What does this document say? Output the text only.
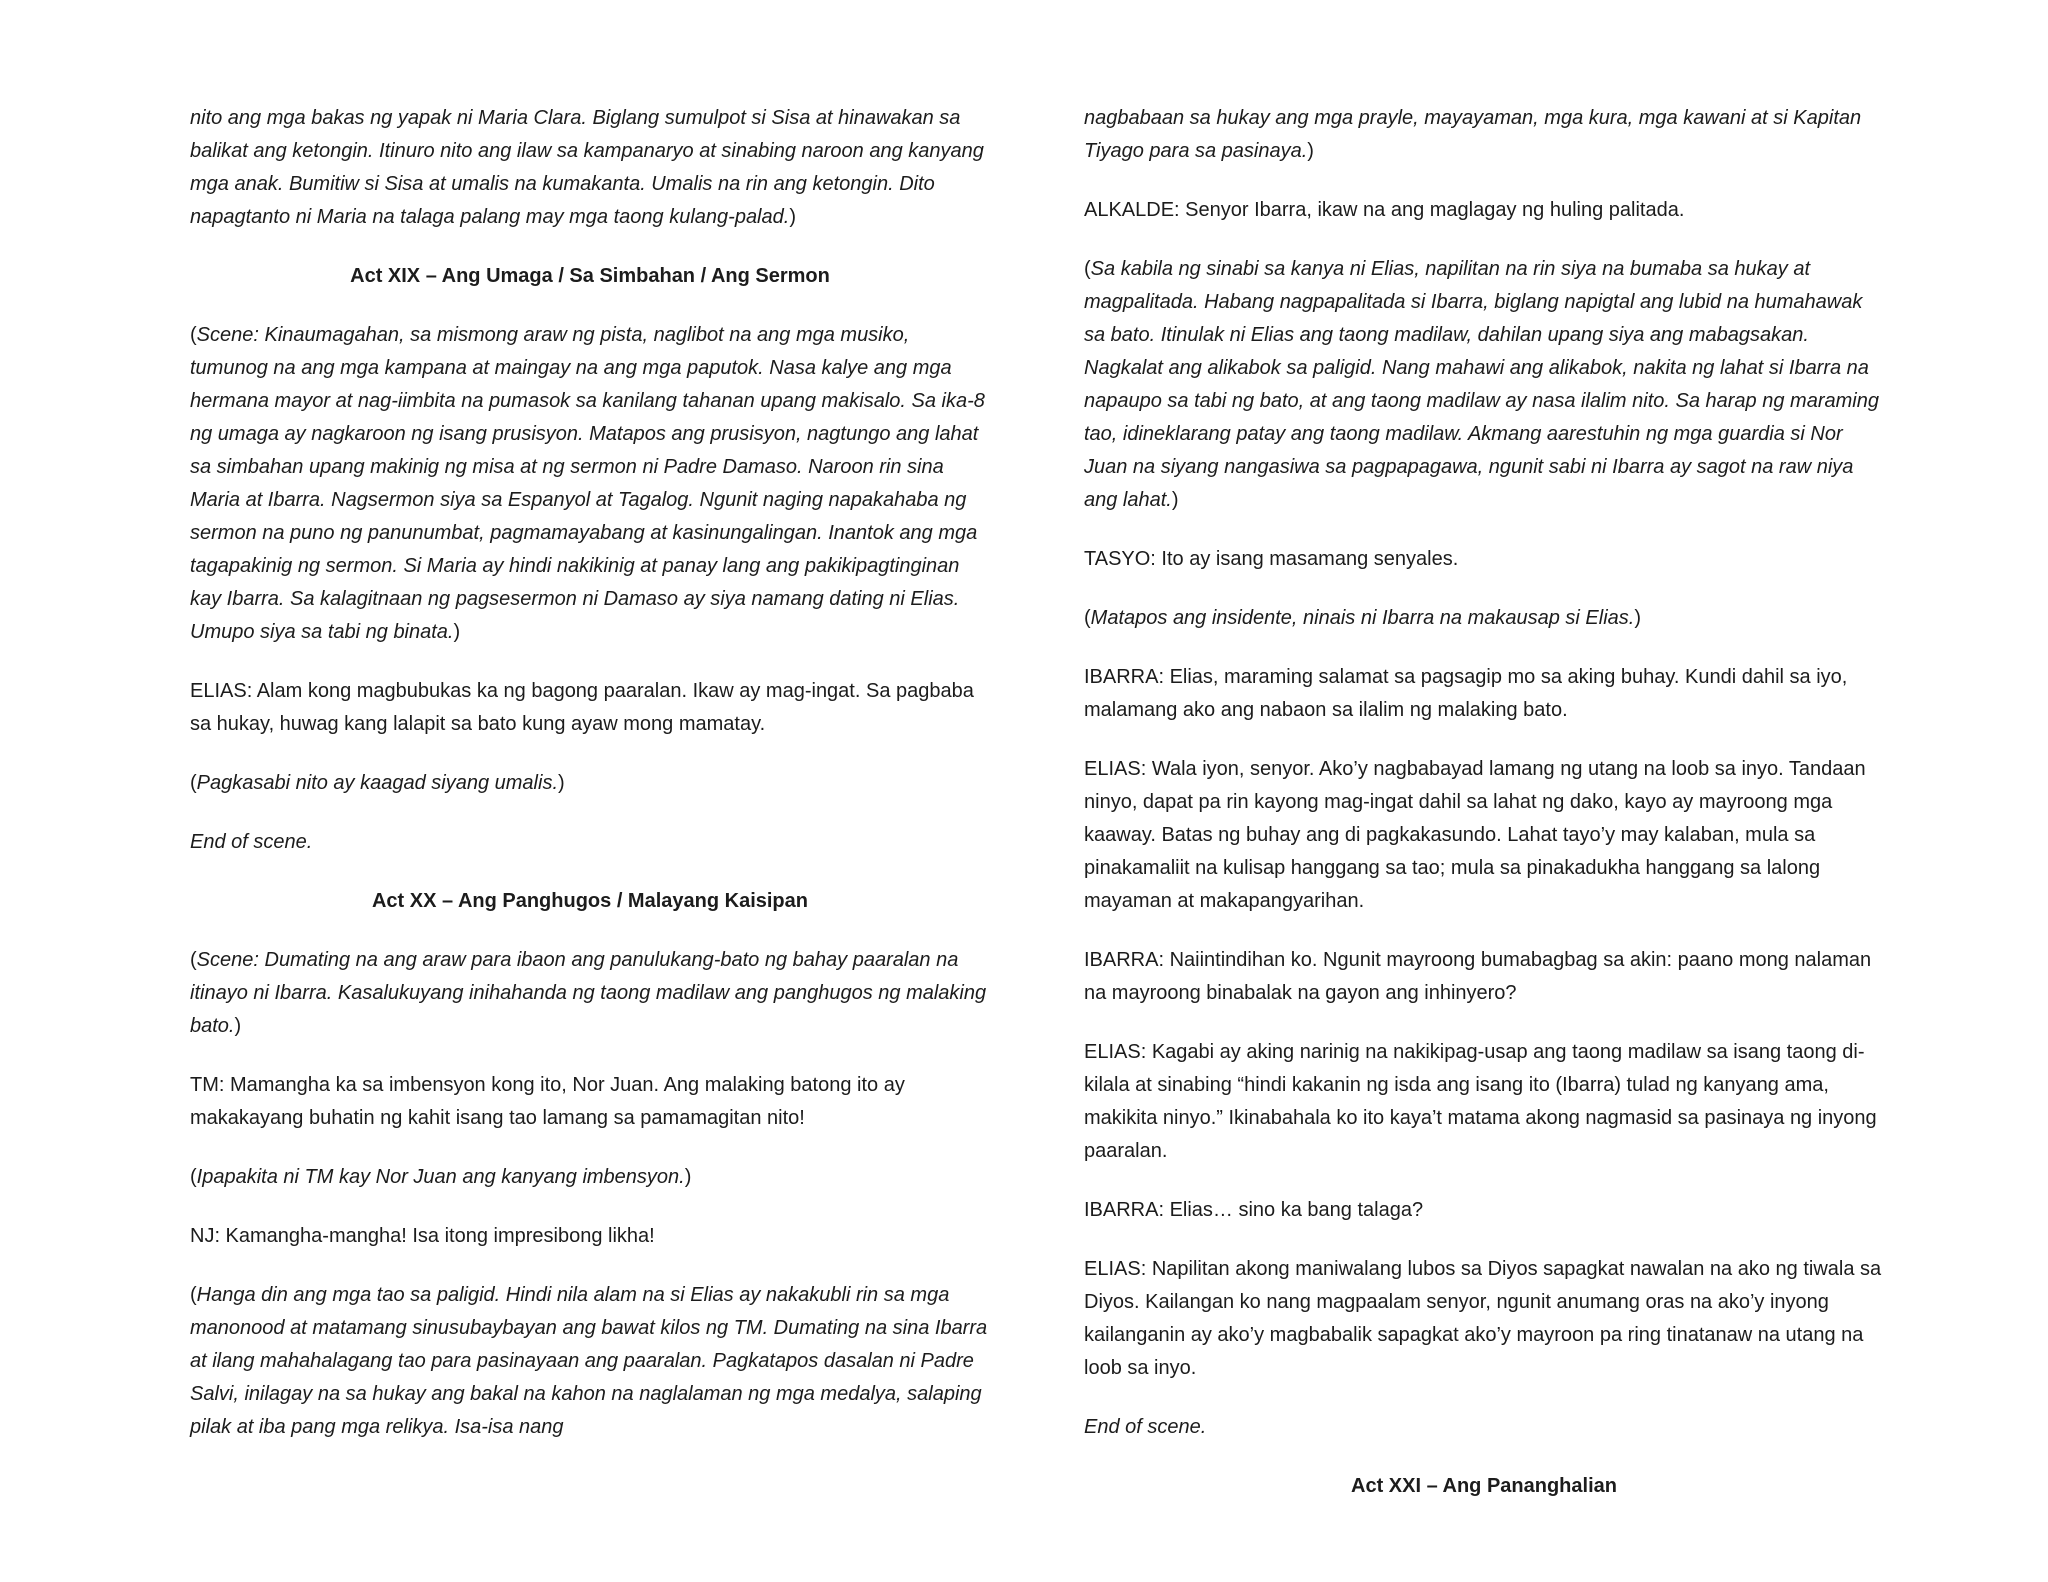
nito ang mga bakas ng yapak ni Maria Clara. Biglang sumulpot si Sisa at hinawakan sa balikat ang ketongin. Itinuro nito ang ilaw sa kampanaryo at sinabing naroon ang kanyang mga anak. Bumitiw si Sisa at umalis na kumakanta. Umalis na rin ang ketongin. Dito napagtanto ni Maria na talaga palang may mga taong kulang-palad.)

Act XIX – Ang Umaga / Sa Simbahan / Ang Sermon

(Scene: Kinaumagahan, sa mismong araw ng pista, naglibot na ang mga musiko, tumunog na ang mga kampana at maingay na ang mga paputok. Nasa kalye ang mga hermana mayor at nag-iimbita na pumasok sa kanilang tahanan upang makisalo. Sa ika-8 ng umaga ay nagkaroon ng isang prusisyon. Matapos ang prusisyon, nagtungo ang lahat sa simbahan upang makinig ng misa at ng sermon ni Padre Damaso. Naroon rin sina Maria at Ibarra. Nagsermon siya sa Espanyol at Tagalog. Ngunit naging napakahaba ng sermon na puno ng panunumbat, pagmamayabang at kasinungalingan. Inantok ang mga tagapakinig ng sermon. Si Maria ay hindi nakikinig at panay lang ang pakikipagtinginan kay Ibarra. Sa kalagitnaan ng pagsesermon ni Damaso ay siya namang dating ni Elias. Umupo siya sa tabi ng binata.)

ELIAS: Alam kong magbubukas ka ng bagong paaralan. Ikaw ay mag-ingat. Sa pagbaba sa hukay, huwag kang lalapit sa bato kung ayaw mong mamatay.

(Pagkasabi nito ay kaagad siyang umalis.)

End of scene.

Act XX – Ang Panghugos / Malayang Kaisipan

(Scene: Dumating na ang araw para ibaon ang panulukang-bato ng bahay paaralan na itinayo ni Ibarra. Kasalukuyang inihahanda ng taong madilaw ang panghugos ng malaking bato.)

TM: Mamangha ka sa imbensyon kong ito, Nor Juan. Ang malaking batong ito ay makakayang buhatin ng kahit isang tao lamang sa pamamagitan nito!

(Ipapakita ni TM kay Nor Juan ang kanyang imbensyon.)

NJ: Kamangha-mangha! Isa itong impresibong likha!

(Hanga din ang mga tao sa paligid. Hindi nila alam na si Elias ay nakakubli rin sa mga manonood at matamang sinusubaybayan ang bawat kilos ng TM. Dumating na sina Ibarra at ilang mahahalagang tao para pasinayaan ang paaralan. Pagkatapos dasalan ni Padre Salvi, inilagay na sa hukay ang bakal na kahon na naglalaman ng mga medalya, salaping pilak at iba pang mga relikya. Isa-isa nang

nagbabaan sa hukay ang mga prayle, mayayaman, mga kura, mga kawani at si Kapitan Tiyago para sa pasinaya.)

ALKALDE: Senyor Ibarra, ikaw na ang maglagay ng huling palitada.

(Sa kabila ng sinabi sa kanya ni Elias, napilitan na rin siya na bumaba sa hukay at magpalitada. Habang nagpapalitada si Ibarra, biglang napigtal ang lubid na humahawak sa bato. Itinulak ni Elias ang taong madilaw, dahilan upang siya ang mabagsakan. Nagkalat ang alikabok sa paligid. Nang mahawi ang alikabok, nakita ng lahat si Ibarra na napaupo sa tabi ng bato, at ang taong madilaw ay nasa ilalim nito. Sa harap ng maraming tao, idineklarang patay ang taong madilaw. Akmang aarestuhin ng mga guardia si Nor Juan na siyang nangasiwa sa pagpapagawa, ngunit sabi ni Ibarra ay sagot na raw niya ang lahat.)

TASYO: Ito ay isang masamang senyales.

(Matapos ang insidente, ninais ni Ibarra na makausap si Elias.)

IBARRA: Elias, maraming salamat sa pagsagip mo sa aking buhay. Kundi dahil sa iyo, malamang ako ang nabaon sa ilalim ng malaking bato.

ELIAS: Wala iyon, senyor. Ako’y nagbabayad lamang ng utang na loob sa inyo. Tandaan ninyo, dapat pa rin kayong mag-ingat dahil sa lahat ng dako, kayo ay mayroong mga kaaway. Batas ng buhay ang di pagkakasundo. Lahat tayo’y may kalaban, mula sa pinakamaliit na kulisap hanggang sa tao; mula sa pinakadukha hanggang sa lalong mayaman at makapangyarihan.

IBARRA: Naiintindihan ko. Ngunit mayroong bumabagbag sa akin: paano mong nalaman na mayroong binabalak na gayon ang inhinyero?

ELIAS: Kagabi ay aking narinig na nakikipag-usap ang taong madilaw sa isang taong di-kilala at sinabing “hindi kakanin ng isda ang isang ito (Ibarra) tulad ng kanyang ama, makikita ninyo.” Ikinabahala ko ito kaya’t matama akong nagmasid sa pasinaya ng inyong paaralan.

IBARRA: Elias… sino ka bang talaga?

ELIAS: Napilitan akong maniwalang lubos sa Diyos sapagkat nawalan na ako ng tiwala sa Diyos. Kailangan ko nang magpaalam senyor, ngunit anumang oras na ako’y inyong kailanganin ay ako’y magbabalik sapagkat ako’y mayroon pa ring tinatanaw na utang na loob sa inyo.

End of scene.

Act XXI – Ang Pananghalian
